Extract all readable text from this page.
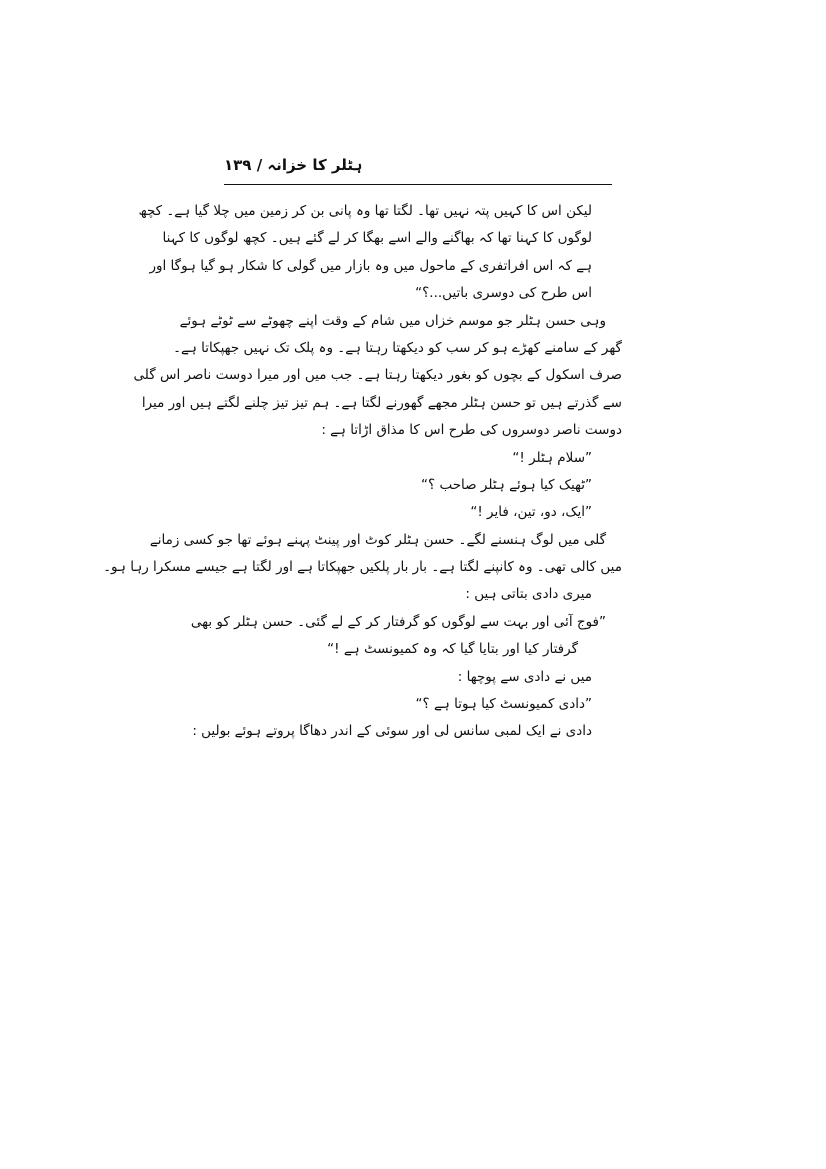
ہٹلر کا خزانہ / ۱۳۹
لیکن اس کا کہیں پتہ نہیں تھا۔ لگتا تھا وہ پانی بن کر زمین میں چلا گیا ہے۔ کچھ
لوگوں کا کہنا تھا کہ بھاگنے والے اسے بھگا کر لے گئے ہیں۔ کچھ لوگوں کا کہنا
ہے کہ اس افراتفری کے ماحول میں وہ بازار میں گولی کا شکار ہو گیا ہوگا اور
اس طرح کی دوسری باتیں...؟“
وہی حسن ہٹلر جو موسم خزاں میں شام کے وقت اپنے چھوٹے سے ٹوٹے ہوئے
گھر کے سامنے کھڑے ہو کر سب کو دیکھتا رہتا ہے۔ وہ پلک تک نہیں جھپکاتا ہے۔
صرف اسکول کے بچوں کو بغور دیکھتا رہتا ہے۔ جب میں اور میرا دوست ناصر اس گلی
سے گذرتے ہیں تو حسن ہٹلر مجھے گھورنے لگتا ہے۔ ہم تیز تیز چلنے لگتے ہیں اور میرا
دوست ناصر دوسروں کی طرح اس کا مذاق اڑاتا ہے :
”سلام ہٹلر !“
”ٹھیک کیا ہوئے ہٹلر صاحب ؟“
”ایک، دو، تین، فایر !“
گلی میں لوگ ہنسنے لگے۔ حسن ہٹلر کوٹ اور پینٹ پہنے ہوئے تھا جو کسی زمانے
میں کالی تھی۔ وہ کانپنے لگتا ہے۔ بار بار پلکیں جھپکاتا ہے اور لگتا ہے جیسے مسکرا رہا ہو۔
میری دادی بتاتی ہیں :
”فوج آئی اور بہت سے لوگوں کو گرفتار کر کے لے گئی۔ حسن ہٹلر کو بھی
گرفتار کیا اور بتایا گیا کہ وہ کمیونسٹ ہے !“
میں نے دادی سے پوچھا :
”دادی کمیونسٹ کیا ہوتا ہے ؟“
دادی نے ایک لمبی سانس لی اور سوئی کے اندر دھاگا پروتے ہوئے بولیں :
